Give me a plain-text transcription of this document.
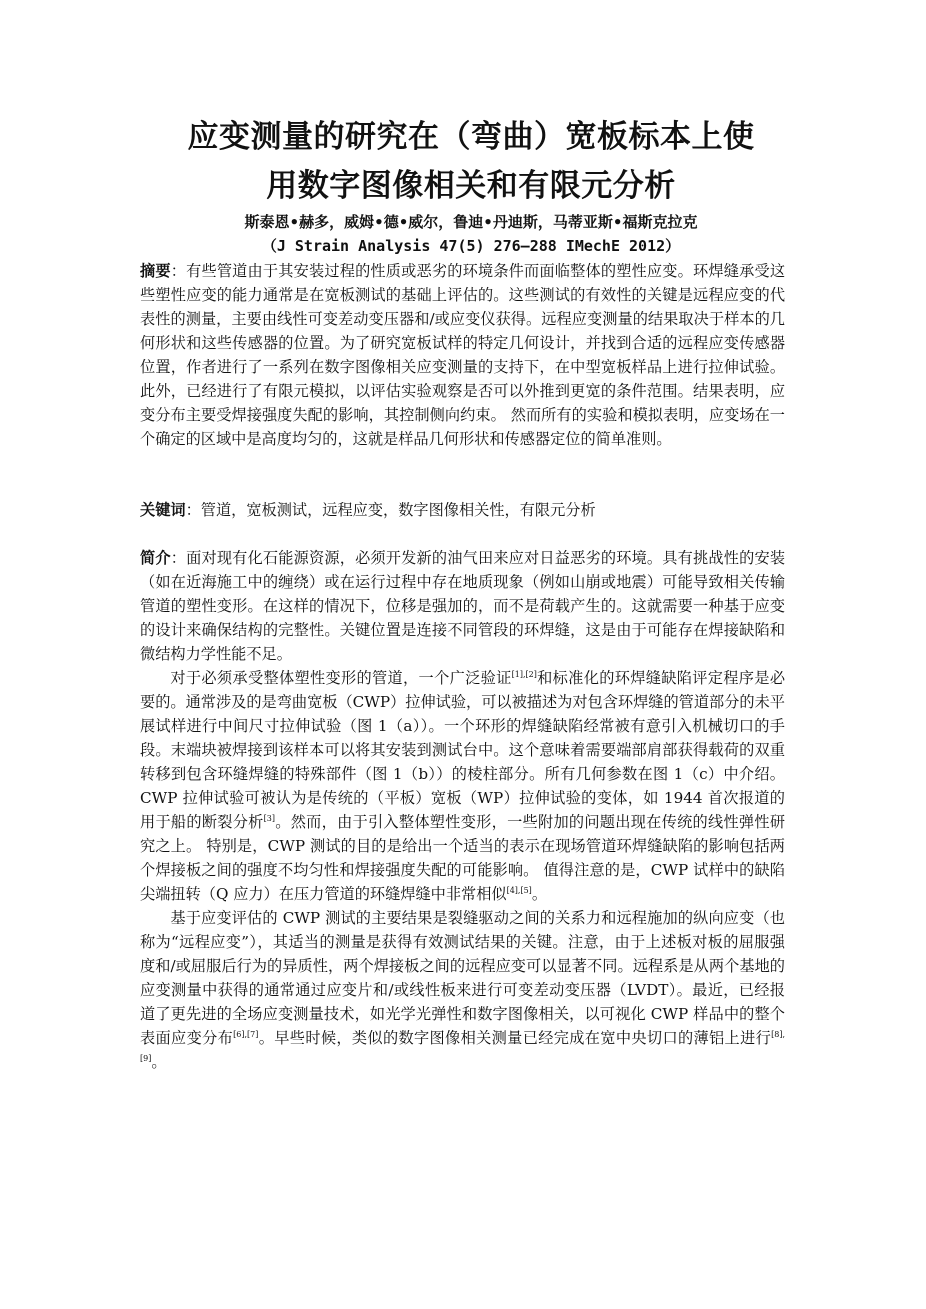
应变测量的研究在（弯曲）宽板标本上使
用数字图像相关和有限元分析
斯泰恩•赫多，威姆•德•威尔，鲁迪•丹迪斯，马蒂亚斯•福斯克拉克
（J Strain Analysis 47(5) 276–288 IMechE 2012）

摘要：有些管道由于其安装过程的性质或恶劣的环境条件而面临整体的塑性应变。环焊缝承受这些塑性应变的能力通常是在宽板测试的基础上评估的。这些测试的有效性的关键是远程应变的代表性的测量，主要由线性可变差动变压器和/或应变仪获得。远程应变测量的结果取决于样本的几何形状和这些传感器的位置。为了研究宽板试样的特定几何设计，并找到合适的远程应变传感器位置，作者进行了一系列在数字图像相关应变测量的支持下，在中型宽板样品上进行拉伸试验。此外，已经进行了有限元模拟，以评估实验观察是否可以外推到更宽的条件范围。结果表明，应变分布主要受焊接强度失配的影响，其控制侧向约束。 然而所有的实验和模拟表明，应变场在一个确定的区域中是高度均匀的，这就是样品几何形状和传感器定位的简单准则。

关键词：管道，宽板测试，远程应变，数字图像相关性，有限元分析

简介：面对现有化石能源资源，必须开发新的油气田来应对日益恶劣的环境。具有挑战性的安装（如在近海施工中的缠绕）或在运行过程中存在地质现象（例如山崩或地震）可能导致相关传输管道的塑性变形。在这样的情况下，位移是强加的，而不是荷载产生的。这就需要一种基于应变的设计来确保结构的完整性。关键位置是连接不同管段的环焊缝，这是由于可能存在焊接缺陷和微结构力学性能不足。

对于必须承受整体塑性变形的管道，一个广泛验证[1],[2]和标准化的环焊缝缺陷评定程序是必要的。通常涉及的是弯曲宽板（CWP）拉伸试验，可以被描述为对包含环焊缝的管道部分的未平展试样进行中间尺寸拉伸试验（图 1（a））。一个环形的焊缝缺陷经常被有意引入机械切口的手段。末端块被焊接到该样本可以将其安装到测试台中。这个意味着需要端部肩部获得载荷的双重转移到包含环缝焊缝的特殊部件（图 1（b））的棱柱部分。所有几何参数在图 1（c）中介绍。CWP 拉伸试验可被认为是传统的（平板）宽板（WP）拉伸试验的变体，如 1944 首次报道的用于船的断裂分析[3]。然而，由于引入整体塑性变形，一些附加的问题出现在传统的线性弹性研究之上。 特别是，CWP 测试的目的是给出一个适当的表示在现场管道环焊缝缺陷的影响包括两个焊接板之间的强度不均匀性和焊接强度失配的可能影响。 值得注意的是，CWP 试样中的缺陷尖端扭转（Q 应力）在压力管道的环缝焊缝中非常相似[4],[5]。

基于应变评估的 CWP 测试的主要结果是裂缝驱动之间的关系力和远程施加的纵向应变（也称为“远程应变”），其适当的测量是获得有效测试结果的关键。注意，由于上述板对板的屈服强度和/或屈服后行为的异质性，两个焊接板之间的远程应变可以显著不同。远程系是从两个基地的应变测量中获得的通常通过应变片和/或线性板来进行可变差动变压器（LVDT）。最近，已经报道了更先进的全场应变测量技术，如光学光弹性和数字图像相关，以可视化 CWP 样品中的整个表面应变分布[6],[7]。早些时候，类似的数字图像相关测量已经完成在宽中央切口的薄铝上进行[8],[9]。
